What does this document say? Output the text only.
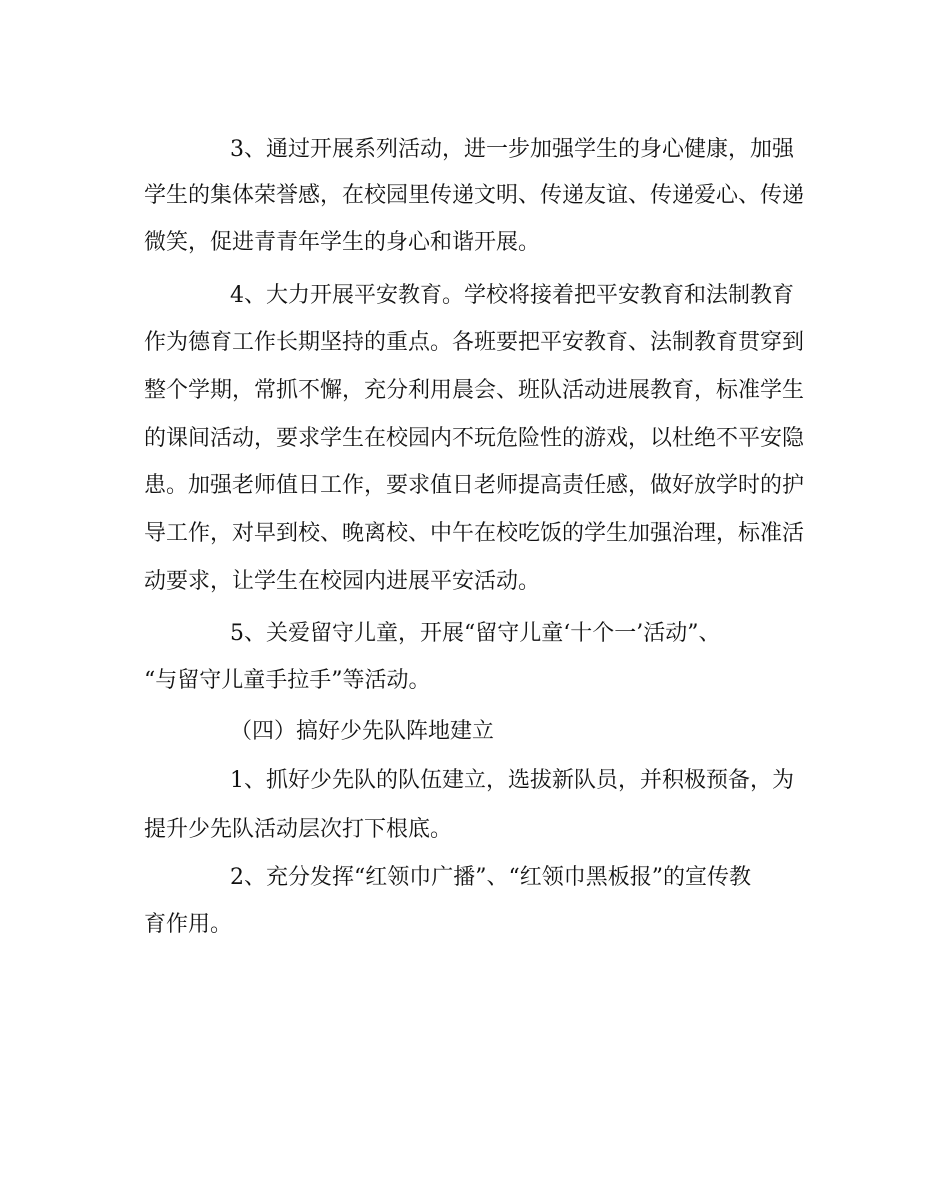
3、通过开展系列活动，进一步加强学生的身心健康，加强
学生的集体荣誉感，在校园里传递文明、传递友谊、传递爱心、传递
微笑，促进青青年学生的身心和谐开展。
4、大力开展平安教育。学校将接着把平安教育和法制教育
作为德育工作长期坚持的重点。各班要把平安教育、法制教育贯穿到
整个学期，常抓不懈，充分利用晨会、班队活动进展教育，标准学生
的课间活动，要求学生在校园内不玩危险性的游戏，以杜绝不平安隐
患。加强老师值日工作，要求值日老师提高责任感，做好放学时的护
导工作，对早到校、晚离校、中午在校吃饭的学生加强治理，标准活
动要求，让学生在校园内进展平安活动。
5、关爱留守儿童，开展“留守儿童‘十个一’活动”、
“与留守儿童手拉手”等活动。
（四）搞好少先队阵地建立
1、抓好少先队的队伍建立，选拔新队员，并积极预备，为
提升少先队活动层次打下根底。
2、充分发挥“红领巾广播”、“红领巾黑板报”的宣传教
育作用。
